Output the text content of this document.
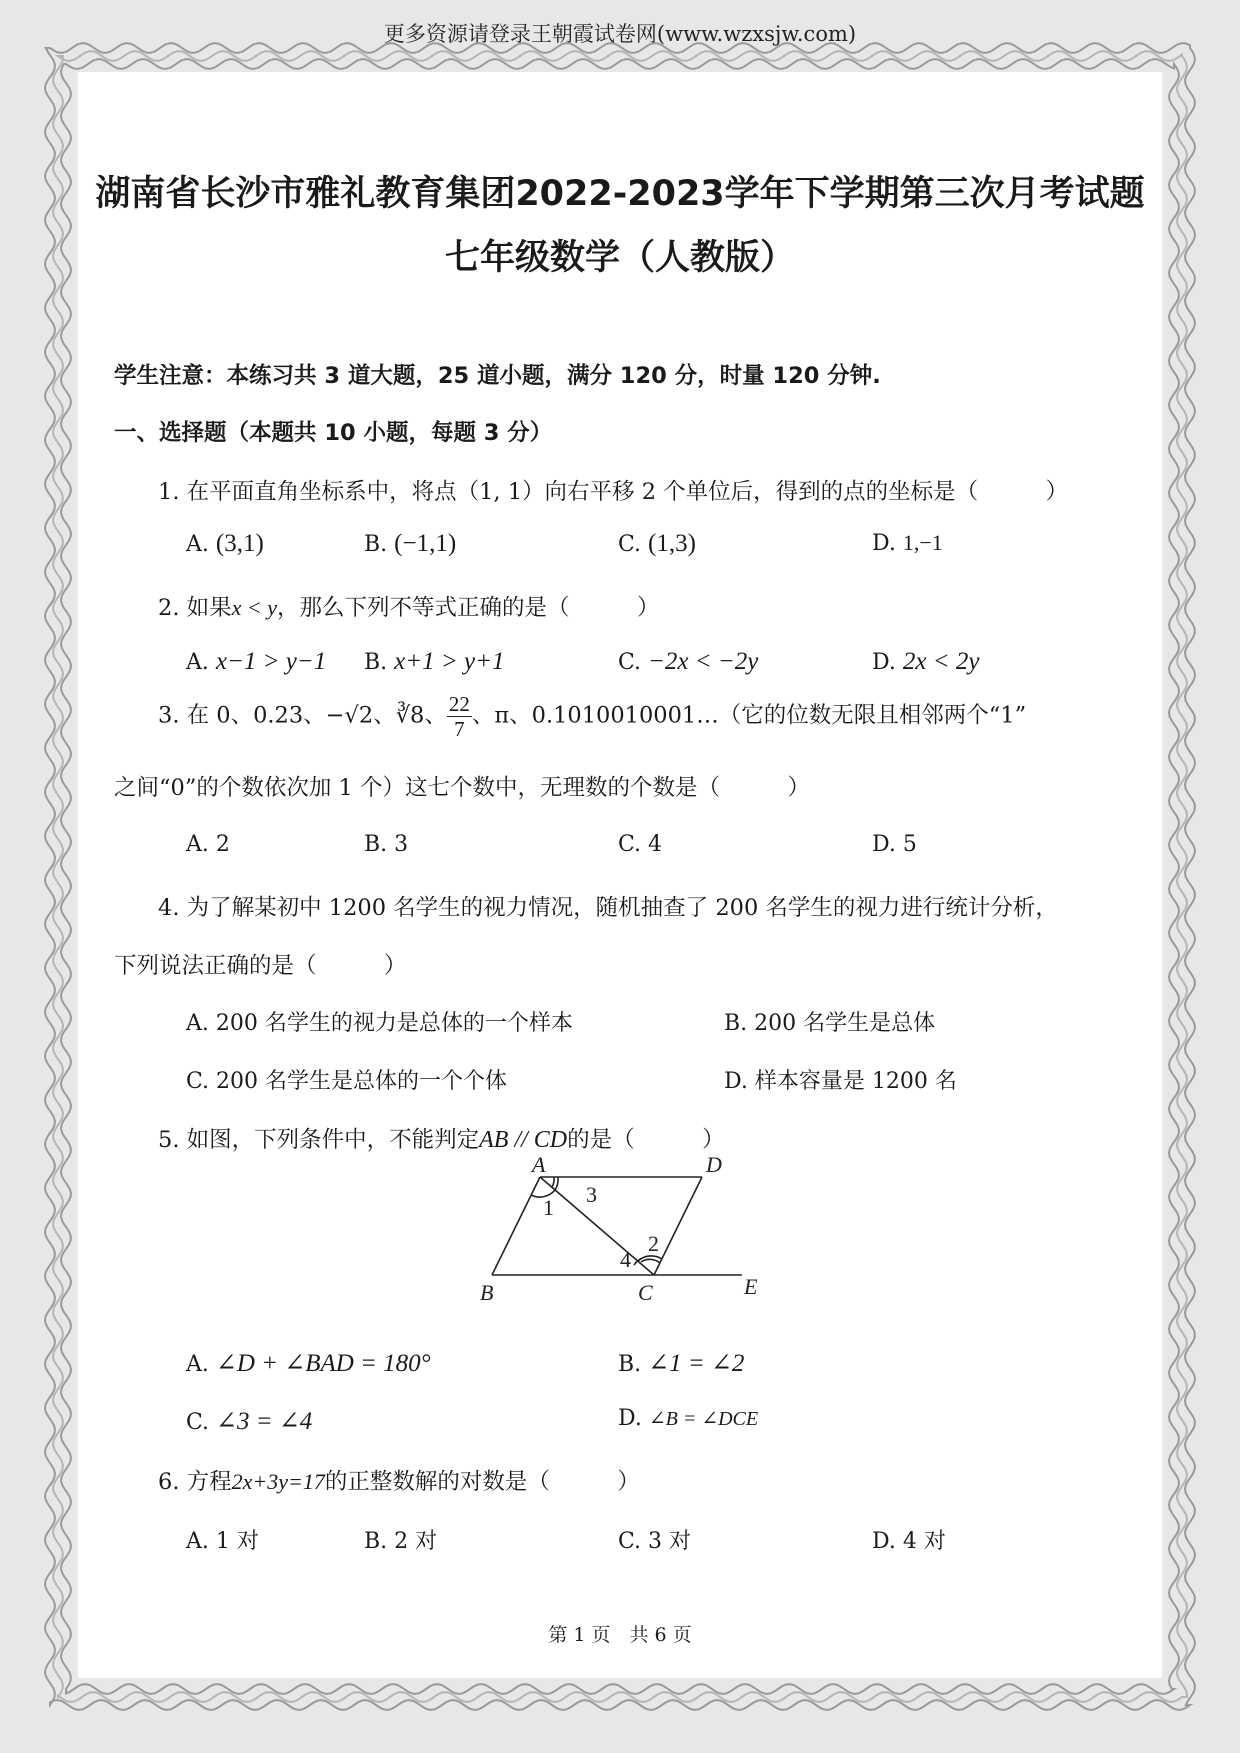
更多资源请登录王朝霞试卷网(www.wzxsjw.com)
湖南省长沙市雅礼教育集团2022-2023学年下学期第三次月考试题
七年级数学（人教版）
学生注意：本练习共 3 道大题，25 道小题，满分 120 分，时量 120 分钟.
一、选择题（本题共 10 小题，每题 3 分）
1. 在平面直角坐标系中，将点（1, 1）向右平移 2 个单位后，得到的点的坐标是（　　　）
A. (3,1)	B. (−1,1)	C. (1,3)	D. 1,−1
2. 如果x < y，那么下列不等式正确的是（　　　）
A. x−1 > y−1 B. x+1 > y+1	C. −2x < −2y	D. 2x < 2y
3. 在 0、0.23、−√2、∛8、 $\frac{22}{7}$ 、π、0.1010010001…（它的位数无限且相邻两个“1”
之间“0”的个数依次加 1 个）这七个数中，无理数的个数是（　　　）
A. 2	B. 3	C. 4	D. 5
4. 为了解某初中 1200 名学生的视力情况，随机抽查了 200 名学生的视力进行统计分析，
下列说法正确的是（　　　）
A. 200 名学生的视力是总体的一个样本	B. 200 名学生是总体
C. 200 名学生是总体的一个个体	D. 样本容量是 1200 名
5. 如图，下列条件中，不能判定AB // CD的是（　　　）
A	D
B	C	E
1
2
3
4
A. ∠D + ∠BAD = 180°	B. ∠1 = ∠2
C. ∠3 = ∠4	D. ∠B = ∠DCE
6. 方程2x+3y=17的正整数解的对数是（　　　）
A. 1 对	B. 2 对	C. 3 对	D. 4 对
第 1 页　共 6 页
